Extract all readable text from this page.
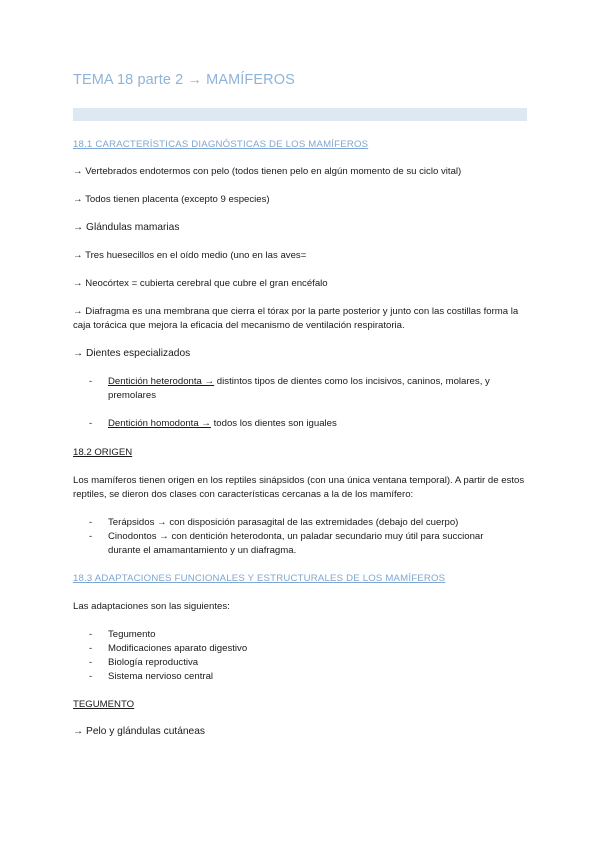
TEMA 18 parte 2 → MAMÍFEROS
18.1 CARACTERÍSTICAS DIAGNÓSTICAS DE LOS MAMÍFEROS
→ Vertebrados endotermos con pelo (todos tienen pelo en algún momento de su ciclo vital)
→ Todos tienen placenta (excepto 9 especies)
→ Glándulas mamarias
→ Tres huesecillos en el oído medio (uno en las aves=
→ Neocórtex = cubierta cerebral que cubre el gran encéfalo
→ Diafragma es una membrana que cierra el tórax por la parte posterior y junto con las costillas forma la caja torácica que mejora la eficacia del mecanismo de ventilación respiratoria.
→ Dientes especializados
- Dentición heterodonta → distintos tipos de dientes como los incisivos, caninos, molares, y premolares
- Dentición homodonta → todos los dientes son iguales
18.2 ORIGEN
Los mamíferos tienen origen en los reptiles sinápsidos (con una única ventana temporal). A partir de estos reptiles, se dieron dos clases con características cercanas a la de los mamífero:
- Terápsidos → con disposición parasagital de las extremidades (debajo del cuerpo)
- Cinodontos → con dentición heterodonta, un paladar secundario muy útil para succionar durante el amamantamiento y un diafragma.
18.3 ADAPTACIONES FUNCIONALES Y ESTRUCTURALES DE LOS MAMÍFEROS
Las adaptaciones son las siguientes:
- Tegumento
- Modificaciones aparato digestivo
- Biología reproductiva
- Sistema nervioso central
TEGUMENTO
→ Pelo y glándulas cutáneas
